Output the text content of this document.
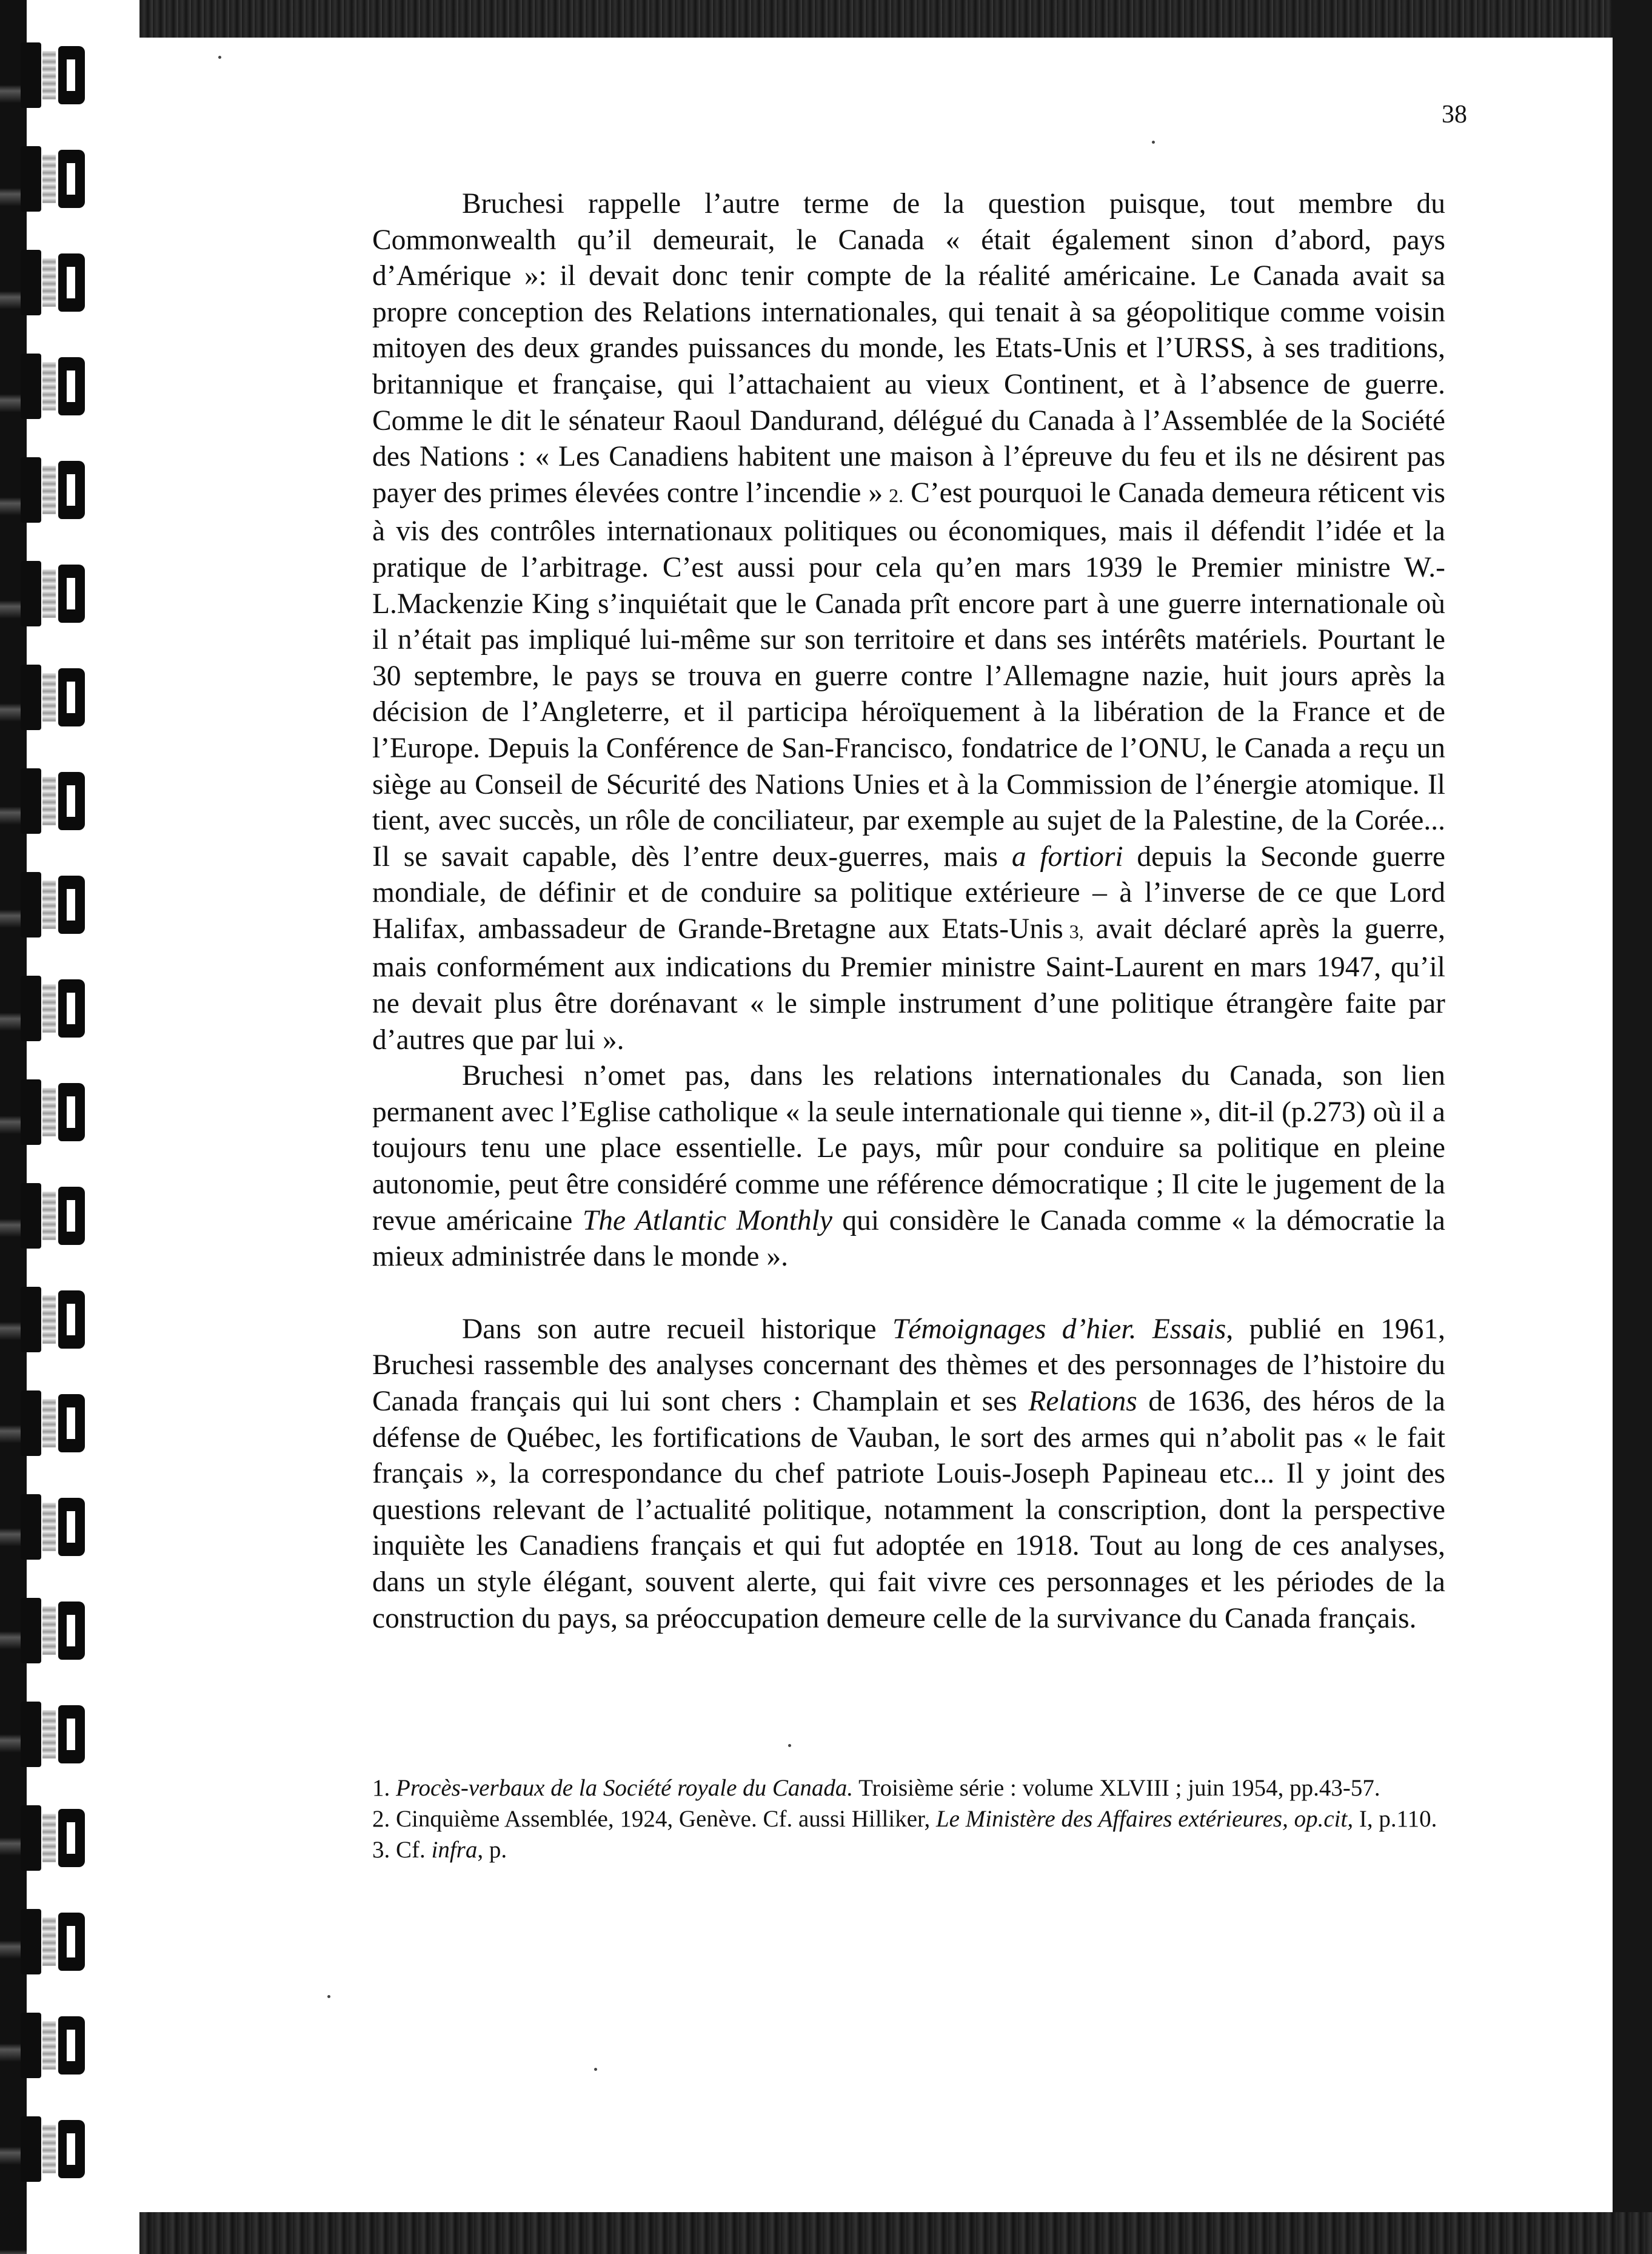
38

Bruchesi rappelle l’autre terme de la question puisque, tout membre du Commonwealth qu’il demeurait, le Canada « était également sinon d’abord, pays d’Amérique »: il devait donc tenir compte de la réalité américaine. Le Canada avait sa propre conception des Relations internationales, qui tenait à sa géopolitique comme voisin mitoyen des deux grandes puissances du monde, les Etats-Unis et l’URSS, à ses traditions, britannique et française, qui l’attachaient au vieux Continent, et à l’absence de guerre. Comme le dit le sénateur Raoul Dandurand, délégué du Canada à l’Assemblée de la Société des Nations : « Les Canadiens habitent une maison à l’épreuve du feu et ils ne désirent pas payer des primes élevées contre l’incendie » 2. C’est pourquoi le Canada demeura réticent vis à vis des contrôles internationaux politiques ou économiques, mais il défendit l’idée et la pratique de l’arbitrage. C’est aussi pour cela qu’en mars 1939 le Premier ministre W.-L.Mackenzie King s’inquiétait que le Canada prît encore part à une guerre internationale où il n’était pas impliqué lui-même sur son territoire et dans ses intérêts matériels. Pourtant le 30 septembre, le pays se trouva en guerre contre l’Allemagne nazie, huit jours après la décision de l’Angleterre, et il participa héroïquement à la libération de la France et de l’Europe. Depuis la Conférence de San-Francisco, fondatrice de l’ONU, le Canada a reçu un siège au Conseil de Sécurité des Nations Unies et à la Commission de l’énergie atomique. Il tient, avec succès, un rôle de conciliateur, par exemple au sujet de la Palestine, de la Corée... Il se savait capable, dès l’entre deux-guerres, mais a fortiori depuis la Seconde guerre mondiale, de définir et de conduire sa politique extérieure – à l’inverse de ce que Lord Halifax, ambassadeur de Grande-Bretagne aux Etats-Unis 3, avait déclaré après la guerre, mais conformément aux indications du Premier ministre Saint-Laurent en mars 1947, qu’il ne devait plus être dorénavant « le simple instrument d’une politique étrangère faite par d’autres que par lui ».

Bruchesi n’omet pas, dans les relations internationales du Canada, son lien permanent avec l’Eglise catholique « la seule internationale qui tienne », dit-il (p.273) où il a toujours tenu une place essentielle. Le pays, mûr pour conduire sa politique en pleine autonomie, peut être considéré comme une référence démocratique ; Il cite le jugement de la revue américaine The Atlantic Monthly qui considère le Canada comme « la démocratie la mieux administrée dans le monde ».

Dans son autre recueil historique Témoignages d’hier. Essais, publié en 1961, Bruchesi rassemble des analyses concernant des thèmes et des personnages de l’histoire du Canada français qui lui sont chers : Champlain et ses Relations de 1636, des héros de la défense de Québec, les fortifications de Vauban, le sort des armes qui n’abolit pas « le fait français », la correspondance du chef patriote Louis-Joseph Papineau etc... Il y joint des questions relevant de l’actualité politique, notamment la conscription, dont la perspective inquiète les Canadiens français et qui fut adoptée en 1918. Tout au long de ces analyses, dans un style élégant, souvent alerte, qui fait vivre ces personnages et les périodes de la construction du pays, sa préoccupation demeure celle de la survivance du Canada français.

1. Procès-verbaux de la Société royale du Canada. Troisième série : volume XLVIII ; juin 1954, pp.43-57.

2. Cinquième Assemblée, 1924, Genève. Cf. aussi Hilliker, Le Ministère des Affaires extérieures, op.cit, I, p.110.

3. Cf. infra, p.
